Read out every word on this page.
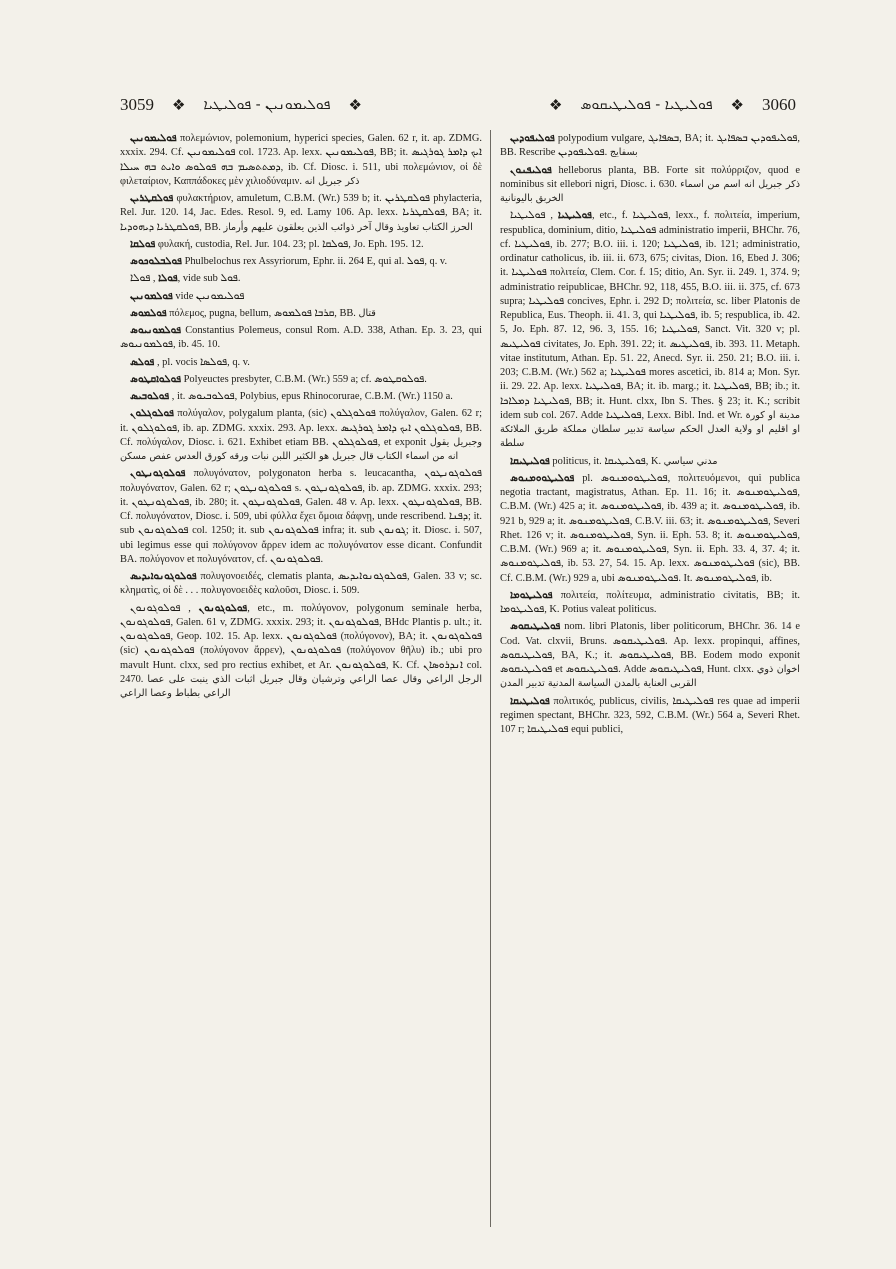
3059 ❖ ܦܘܠܝܡܘܢܝܢ - ܦܘܠܝܛܝܐ ❖	❖ ܦܘܠܝܛܝܐ - ܦܘܠܝܛܝܩܘܣ ❖ 3060

ܦܘܠܝܡܘܢܝܢ πολεμώνιον, polemonium, hyperici species, Galen. 62 r, it. ap. ZDMG. xxxix. 294. Cf. ܦܘܠܝܡܘܢܝܢ col. 1723. Ap. lexx. ܦܘܠܝܡܘܢܝܢ, BB; it. ܐܝܟ ܕܐܡܪ ܓܘܪܓܝܣ ܕܡܬܬܣܝܡ ܒܗ ܦܘܠܘܣ ܘܐܝܬ ܒܗ ܚܝܠܐ, ib. Cf. Diosc. i. 511, ubi πολεμώνιον, οἱ δὲ φιλεταίριον, Καππάδοκες μὲν χιλιοδύναμιν. ذكر جبريل انه

ܦܘܠܩܛܪܝܢ φυλακτήριον, amuletum, C.B.M. (Wr.) 539 b; it. ܦܘܠܩܛܪܝܢ phylacteria, Rel. Jur. 120. 14, Jac. Edes. Resol. 9, ed. Lamy 106. Ap. lexx. ܦܘܠܩܛܪܝܐ, BA; it. ܦܘܠܩܛܪܝܐ ܕܝܗܘܕܝܐ, BB. الحرز الكتاب تعاويذ وقال آخر ذوائب الذين يعلقون عليهم وأرماز

ܦܘܠܩܐ φυλακή, custodia, Rel. Jur. 104. 23; pl. ܦܘܠܩܐ, Jo. Eph. 195. 12.

ܦܘܠܒܠܘܟܘܣ Phulbelochus rex Assyriorum, Ephr. ii. 264 E, qui al. ܦܘܠ, q. v.

ܦܘܠܐ , ܦܘܠܐ, vide sub ܦܘܠ.

ܦܘܠܡܘܢܝܢ vide ܦܘܠܝܡܘܢܝܢ

ܦܘܠܡܘܣ πόλεμος, pugna, bellum, ܩܪܒܐ ܦܘܠܡܘܣ, BB. قتال

ܦܘܠܡܘܢܝܘܣ Constantius Polemeus, consul Rom. A.D. 338, Athan. Ep. 3. 23, qui ܦܘܠܡܘܢܝܘܣ, ib. 45. 10.

ܦܘܠܣ , pl. vocis ܦܘܠܣܐ, q. v.

ܦܘܠܘܐܩܛܘܣ Polyeuctes presbyter, C.B.M. (Wr.) 559 a; cf. ܦܘܠܘܩܛܘܣ.

ܦܘܠܘܒܝܣ , it. ܦܘܠܘܒܝܘܣ, Polybius, epus Rhinocorurae, C.B.M. (Wr.) 1150 a.

ܦܘܠܘܓܠܘܢ πολύγαλον, polygalum planta, (sic) ܦܘܠܘܓܠܘܢ πολύγαλον, Galen. 62 r; it. ܦܘܠܘܓܠܘܢ, ib. ap. ZDMG. xxxix. 293. Ap. lexx. ܦܘܠܘܓܠܘܢ ܐܝܟ ܕܐܡܪ ܓܘܪܓܝܣ, BB. Cf. πολύγαλον, Diosc. i. 621. Exhibet etiam BB. ܦܘܠܘܓܠܘܢ, et exponit وجبريل يقول انه من اسماء الكتاب قال جبريل هو الكثير اللبن نبات ورقه كورق العدس عفص مسكن

ܦܘܠܘܓܘܢܛܘܢ πολυγόνατον, polygonaton herba s. leucacantha, ܦܘܠܘܓܘܢܛܘܢ πολυγόνατον, Galen. 62 r; ܦܘܠܘܓܘܢܛܘܢ s. ܦܘܠܘܓܘܢܛܘܢ, ib. ap. ZDMG. xxxix. 293; it. ܦܘܠܘܓܘܢܛܘܢ, ib. 280; it. ܦܘܠܘܓܘܢܛܘܢ, Galen. 48 v. Ap. lexx. ܦܘܠܘܓܘܢܛܘܢ, BB. Cf. πολυγόνατον, Diosc. i. 509, ubi φύλλα ἔχει ὅμοια δάφνῃ, unde rescribend. ܕܦܢܐ; it. sub ܦܘܠܘܓܘܢܘܢ col. 1250; it. sub ܦܘܠܘܓܘܢܘܢ infra; it. sub ܓܘܢܘܢ; it. Diosc. i. 507, ubi legimus esse qui πολύγονον ἄρρεν idem ac πολυγόνατον esse dicant. Confundit BA. πολύγονον et πολυγόνατον, cf. ܦܘܠܘܓܘܢܘܢ.

ܦܘܠܘܓܘܢܘܐܝܕܝܣ πολυγονοειδές, clematis planta, ܦܘܠܘܓܘܢܘܐܝܕܝܣ, Galen. 33 v; sc. κληματὶς, οἱ δὲ . . . πολυγονοειδὲς καλοῦσι, Diosc. i. 509.

ܦܘܠܘܓܘܢܘܢ , ܦܘܠܘܓܘܢܘܢ, etc., m. πολύγονον, polygonum seminale herba, ܦܘܠܘܓܘܢܘܢ, Galen. 61 v, ZDMG. xxxix. 293; it. ܦܘܠܘܓܘܢܘܢ, BHdc Plantis p. ult.; it. ܦܘܠܘܓܘܢܘܢ, Geop. 102. 15. Ap. lexx. ܦܘܠܘܓܘܢܘܢ (πολύγονον), BA; it. ܦܘܠܘܓܘܢܘܢ (sic) ܦܘܠܘܓܘܢܘܢ (πολύγονον ἄρρεν), ܦܘܠܘܓܘܢܘܢ (πολύγονον θῆλυ) ib.; ubi pro mavult Hunt. clxx, sed pro rectius exhibet, et Ar. ܦܘܠܘܓܘܢܘܢ, K. Cf. ܐܢܕܪܘܣܐܢ col. 2470. الرجل الراعي وقال عصا الراعي وترشيان وقال جبريل اثبات الذي ينبت على عصا الراعي بطباط وعصا الراعي

ܦܘܠܝܦܘܕܝܢ polypodium vulgare, ܒܣܦܐܝܓ, BA; it. ܦܘܠܝܦܘܕܝܢ ܒܣܦܐܝܓ, BB. Rescribe ܦܘܠܝܦܘܕܝܢ. بسفايج

ܦܘܠܝܦܢܘܢ helleborus planta, BB. Forte sit πολύρριζον, quod e nominibus sit ellebori nigri, Diosc. i. 630. ذكر جبريل انه اسم من اسماء الخربق باليونانية

ܦܘܠܝܛܝܐ , ܦܘܠܝܛܝܐ, etc., f. ܦܘܠܝܛܝܐ, lexx., f. πολιτεία, imperium, respublica, dominium, ditio, ܦܘܠܝܛܝܐ administratio imperii, BHChr. 76, cf. ܦܘܠܝܛܝܐ, ib. 277; B.O. iii. i. 120; ܦܘܠܝܛܝܐ, ib. 121; administratio, ordinatur catholicus, ib. iii. ii. 673, 675; civitas, Dion. 16, Ebed J. 306; it. ܦܘܠܝܛܝܐ πολιτεία, Clem. Cor. f. 15; ditio, An. Syr. ii. 249. 1, 374. 9; administratio reipublicae, BHChr. 92, 118, 455, B.O. iii. ii. 375, cf. 673 supra; ܦܘܠܝܛܝܐ concives, Ephr. i. 292 D; πολιτεία, sc. liber Platonis de Republica, Eus. Theoph. ii. 41. 3, qui ܦܘܠܝܛܝܐ, ib. 5; respublica, ib. 42. 5, Jo. Eph. 87. 12, 96. 3, 155. 16; ܦܘܠܝܛܝܐ, Sanct. Vit. 320 v; pl. ܦܘܠܝܛܝܣ civitates, Jo. Eph. 391. 22; it. ܦܘܠܝܛܝܣ, ib. 393. 11. Metaph. vitae institutum, Athan. Ep. 51. 22, Anecd. Syr. ii. 250. 21; B.O. iii. i. 203; C.B.M. (Wr.) 562 a; ܦܘܠܝܛܝܐ mores ascetici, ib. 814 a; Mon. Syr. ii. 29. 22. Ap. lexx. ܦܘܠܝܛܝܐ, BA; it. ib. marg.; it. ܦܘܠܝܛܝܐ, BB; ib.; it. ܦܘܠܝܛܝܐ ܕܡܠܐܟܐ, BB; it. Hunt. clxx, Ibn S. Thes. § 23; it. K.; scribit idem sub col. 267. Adde ܦܘܠܝܛܝܐ, Lexx. Bibl. Ind. et Wr. مدينة او كورة او اقليم او ولاية العدل الحكم سياسة تدبير سلطان مملكة طريق الملائكة سلطة

ܦܘܠܝܛܝܩܐ politicus, it. ܦܘܠܝܛܝܩܐ, K. مدني سياسي

ܦܘܠܝܛܘܘܡܢܘܣ pl. ܦܘܠܝܛܘܘܡܢܘܣ, πολιτευόμενοι, qui publica negotia tractant, magistratus, Athan. Ep. 11. 16; it. ܦܘܠܝܛܘܡܢܘܣ, C.B.M. (Wr.) 425 a; it. ܦܘܠܝܛܘܡܢܘܣ, ib. 439 a; it. ܦܘܠܝܛܘܡܢܘܣ, ib. 921 b, 929 a; it. ܦܘܠܝܛܘܡܢܘܣ, C.B.V. iii. 63; it. ܦܘܠܝܛܘܡܢܘܣ, Severi Rhet. 126 v; it. ܦܘܠܝܛܘܡܢܘܣ, Syn. ii. Eph. 53. 8; it. ܦܘܠܝܛܘܡܢܘܣ, C.B.M. (Wr.) 969 a; it. ܦܘܠܝܛܘܡܢܘܣ, Syn. ii. Eph. 33. 4, 37. 4; it. ܦܘܠܝܛܘܡܢܘܣ, ib. 53. 27, 54. 15. Ap. lexx. ܦܘܠܝܛܘܡܢܘܣ (sic), BB. Cf. C.B.M. (Wr.) 929 a, ubi ܦܘܠܝܛܘܡܢܘܣ. It. ܦܘܠܝܛܘܡܢܘܣ, ib.

ܦܘܠܝܛܘܡܐ πολιτεία, πολίτευμα, administratio civitatis, BB; it. ܦܘܠܝܛܘܡܐ, K. Potius valeat politicus.

ܦܘܠܝܛܝܩܘܣ nom. libri Platonis, liber politicorum, BHChr. 36. 14 e Cod. Vat. clxvii, Bruns. ܦܘܠܝܛܝܩܘܣ. Ap. lexx. propinqui, affines, ܦܘܠܝܛܝܩܘܣ, BA, K.; it. ܦܘܠܝܛܝܩܘܣ, BB. Eodem modo exponit ܦܘܠܝܛܝܩܘܣ et ܦܘܠܝܛܝܩܘܣ. Adde ܦܘܠܝܛܝܩܘܣ, Hunt. clxx. اخوان ذوي القربى العناية بالمدن السياسة المدنية تدبير المدن

ܦܘܠܝܛܝܩܐ πολιτικός, publicus, civilis, ܦܘܠܝܛܝܩܐ res quae ad imperii regimen spectant, BHChr. 323, 592, C.B.M. (Wr.) 564 a, Severi Rhet. 107 r; ܦܘܠܝܛܝܩܐ equi publici,
